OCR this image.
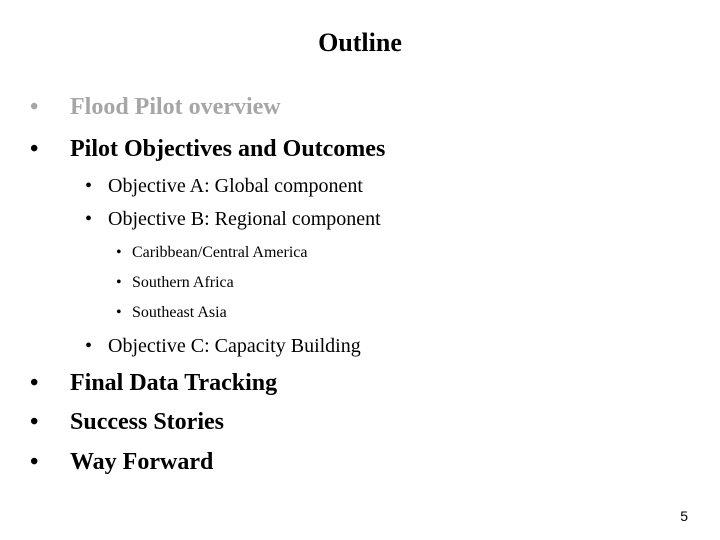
Outline
• Flood Pilot overview
• Pilot Objectives and Outcomes
• Objective A: Global component
• Objective B: Regional component
• Caribbean/Central America
• Southern Africa
• Southeast Asia
• Objective C: Capacity Building
• Final Data Tracking
• Success Stories
• Way Forward
5
